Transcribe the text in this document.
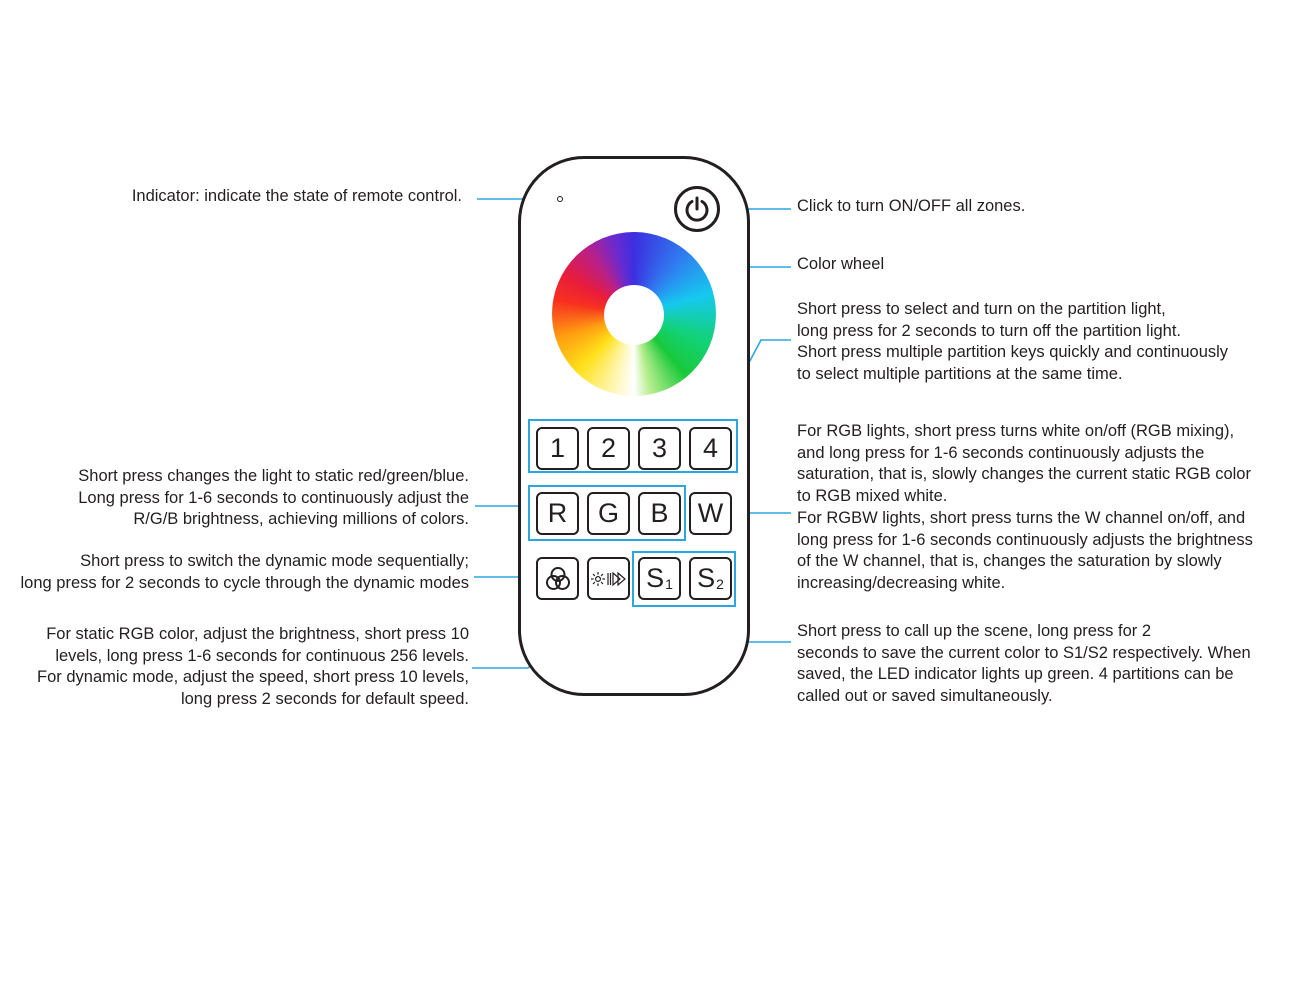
1	2	3	4
R	G	B	W
S 1 S 2
Click to turn ON/OFF all zones.
Color wheel
Short press to select and turn on the partition light,
long press for 2 seconds to turn off the partition light.
Short press multiple partition keys quickly and continuously
to select multiple partitions at the same time.
For RGB lights, short press turns white on/off (RGB mixing),
and long press for 1-6 seconds continuously adjusts the
saturation, that is, slowly changes the current static RGB color
to RGB mixed white.
For RGBW lights, short press turns the W channel on/off, and
long press for 1-6 seconds continuously adjusts the brightness
of the W channel, that is, changes the saturation by slowly
increasing/decreasing white.
Short press to call up the scene, long press for 2
seconds to save the current color to S1/S2 respectively. When
saved, the LED indicator lights up green. 4 partitions can be
called out or saved simultaneously.
Indicator: indicate the state of remote control.
Short press changes the light to static red/green/blue.
Long press for 1-6 seconds to continuously adjust the
R/G/B brightness, achieving millions of colors.
Short press to switch the dynamic mode sequentially;
long press for 2 seconds to cycle through the dynamic modes
For static RGB color, adjust the brightness, short press 10
levels, long press 1-6 seconds for continuous 256 levels.
For dynamic mode, adjust the speed, short press 10 levels,
long press 2 seconds for default speed.
